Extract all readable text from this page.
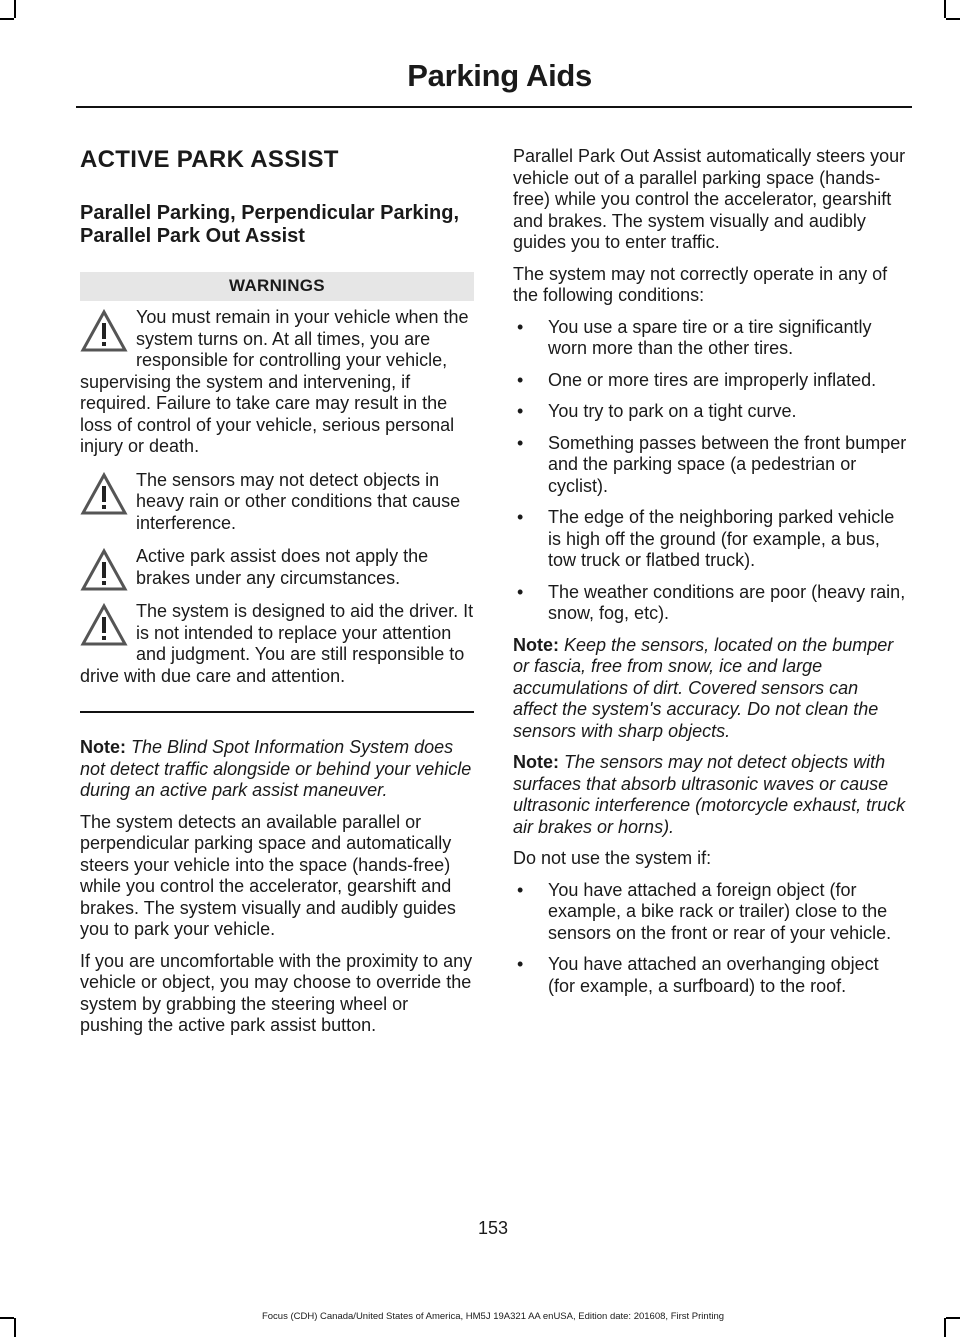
Parking Aids
ACTIVE PARK ASSIST
Parallel Parking, Perpendicular Parking, Parallel Park Out Assist
WARNINGS
You must remain in your vehicle when the system turns on. At all times, you are responsible for controlling your vehicle, supervising the system and intervening, if required. Failure to take care may result in the loss of control of your vehicle, serious personal injury or death.
The sensors may not detect objects in heavy rain or other conditions that cause interference.
Active park assist does not apply the brakes under any circumstances.
The system is designed to aid the driver. It is not intended to replace your attention and judgment. You are still responsible to drive with due care and attention.

Note: The Blind Spot Information System does not detect traffic alongside or behind your vehicle during an active park assist maneuver.

The system detects an available parallel or perpendicular parking space and automatically steers your vehicle into the space (hands-free) while you control the accelerator, gearshift and brakes. The system visually and audibly guides you to park your vehicle.

If you are uncomfortable with the proximity to any vehicle or object, you may choose to override the system by grabbing the steering wheel or pushing the active park assist button.

Parallel Park Out Assist automatically steers your vehicle out of a parallel parking space (hands-free) while you control the accelerator, gearshift and brakes. The system visually and audibly guides you to enter traffic.

The system may not correctly operate in any of the following conditions:

• You use a spare tire or a tire significantly worn more than the other tires.
• One or more tires are improperly inflated.
• You try to park on a tight curve.
• Something passes between the front bumper and the parking space (a pedestrian or cyclist).
• The edge of the neighboring parked vehicle is high off the ground (for example, a bus, tow truck or flatbed truck).
• The weather conditions are poor (heavy rain, snow, fog, etc).

Note: Keep the sensors, located on the bumper or fascia, free from snow, ice and large accumulations of dirt. Covered sensors can affect the system's accuracy. Do not clean the sensors with sharp objects.

Note: The sensors may not detect objects with surfaces that absorb ultrasonic waves or cause ultrasonic interference (motorcycle exhaust, truck air brakes or horns).

Do not use the system if:

• You have attached a foreign object (for example, a bike rack or trailer) close to the sensors on the front or rear of your vehicle.
• You have attached an overhanging object (for example, a surfboard) to the roof.
153
Focus (CDH) Canada/United States of America, HM5J 19A321 AA enUSA, Edition date: 201608, First Printing
